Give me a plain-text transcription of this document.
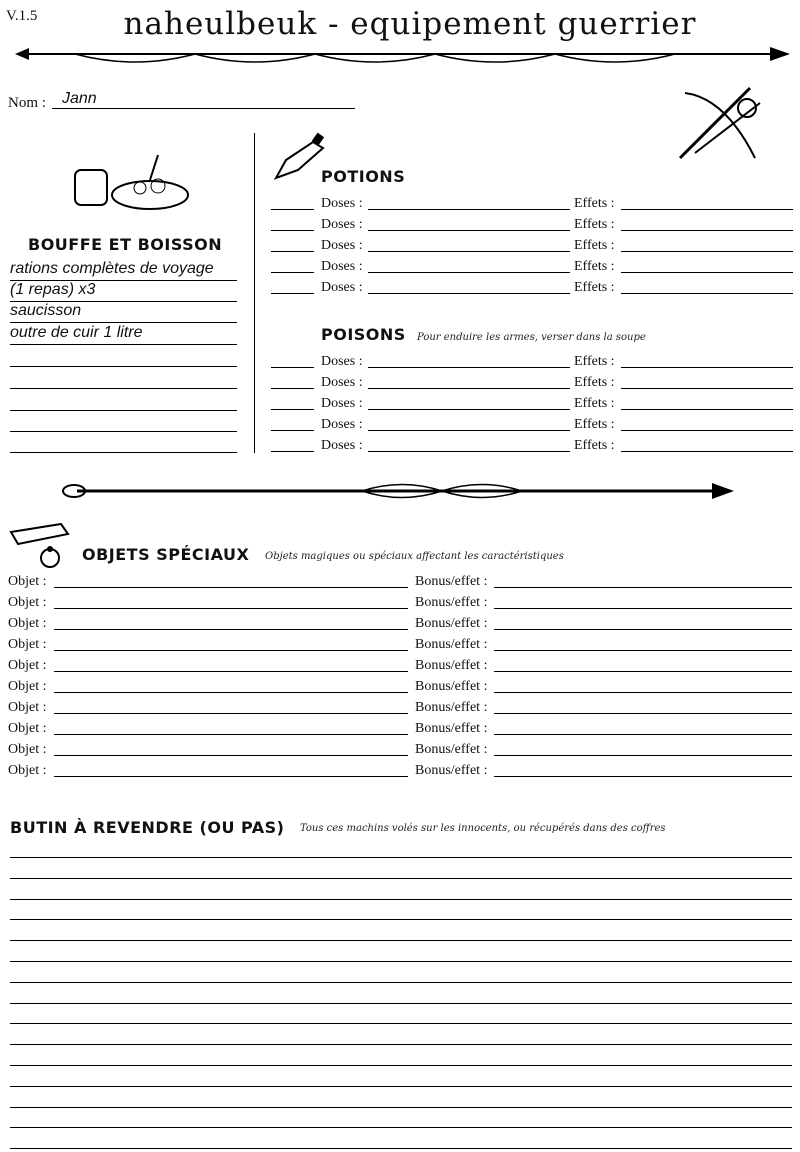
V.1.5	naheulbeuk - equipement guerrier
Nom : Jann
BOUFFE ET BOISSON
rations complètes de voyage
(1 repas) x3
saucisson
outre de cuir 1 litre
POTIONS
Doses :	Effets :
Doses :	Effets :
Doses :	Effets :
Doses :	Effets :
Doses :	Effets :
POISONS Pour enduire les armes, verser dans la soupe
Doses :	Effets :
Doses :	Effets :
Doses :	Effets :
Doses :	Effets :
Doses :	Effets :
OBJETS SPÉCIAUX Objets magiques ou spéciaux affectant les caractéristiques
Objet :	Bonus/effet :
Objet :	Bonus/effet :
Objet :	Bonus/effet :
Objet :	Bonus/effet :
Objet :	Bonus/effet :
Objet :	Bonus/effet :
Objet :	Bonus/effet :
Objet :	Bonus/effet :
Objet :	Bonus/effet :
Objet :	Bonus/effet :
BUTIN À REVENDRE (OU PAS) Tous ces machins volés sur les innocents, ou récupérés dans des coffres
